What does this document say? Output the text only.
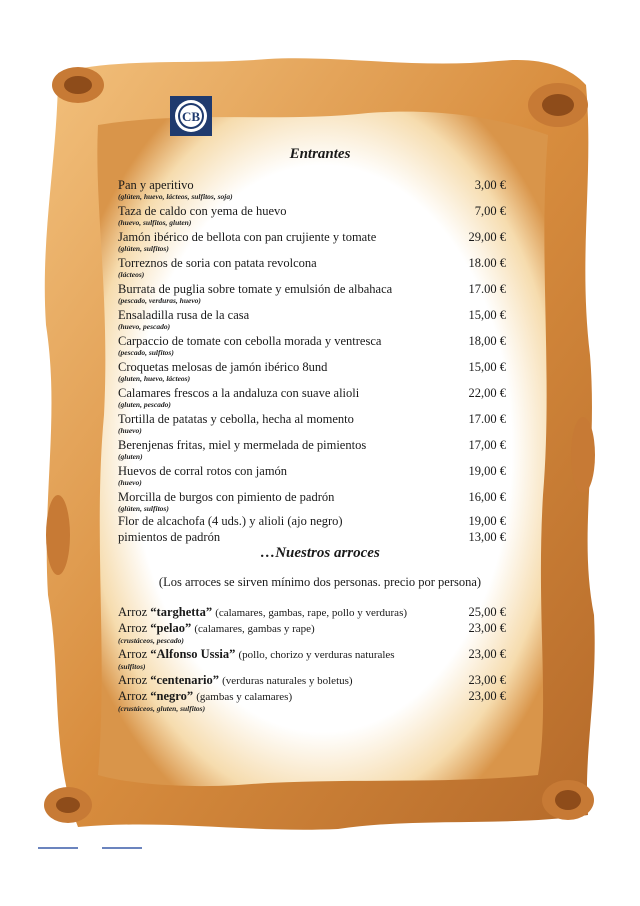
CB
Entrantes
Pan y aperitivo	3,00 €
(glúten, huevo, lácteos, sulfitos, soja)
Taza de caldo con yema de huevo	7,00 €
(huevo, sulfitos, gluten)
Jamón ibérico de bellota con pan crujiente y tomate	29,00 €
(glúten, sulfitos)
Torreznos de soria con patata revolcona	18.00 €
(lácteos)
Burrata de puglia sobre tomate y emulsión de albahaca	17.00 €
(pescado, verduras, huevo)
Ensaladilla rusa de la casa	15,00 €
(huevo, pescado)
Carpaccio de tomate con cebolla morada y ventresca	18,00 €
(pescado, sulfitos)
Croquetas melosas de jamón ibérico 8und	15,00 €
(gluten, huevo, lácteos)
Calamares frescos a la andaluza con suave alioli	22,00 €
(gluten, pescado)
Tortilla de patatas y cebolla, hecha al momento	17.00 €
(huevo)
Berenjenas fritas, miel y mermelada de pimientos	17,00 €
(gluten)
Huevos de corral rotos con jamón	19,00 €
(huevo)
Morcilla de burgos con pimiento de padrón	16,00 €
(glúten, sulfitos)
Flor de alcachofa (4 uds.) y alioli (ajo negro)	19,00 €
pimientos de padrón	13,00 €
…Nuestros arroces
(Los arroces se sirven mínimo dos personas. precio por persona)
Arroz “targhetta” (calamares, gambas, rape, pollo y verduras)	25,00 €
Arroz “pelao” (calamares, gambas y rape)	23,00 €
(crustáceos, pescado)
Arroz “Alfonso Ussia” (pollo, chorizo y verduras naturales	23,00 €
(sulfitos)
Arroz “centenario” (verduras naturales y boletus)	23,00 €
Arroz “negro” (gambas y calamares)	23,00 €
(crustáceos, gluten, sulfitos)
